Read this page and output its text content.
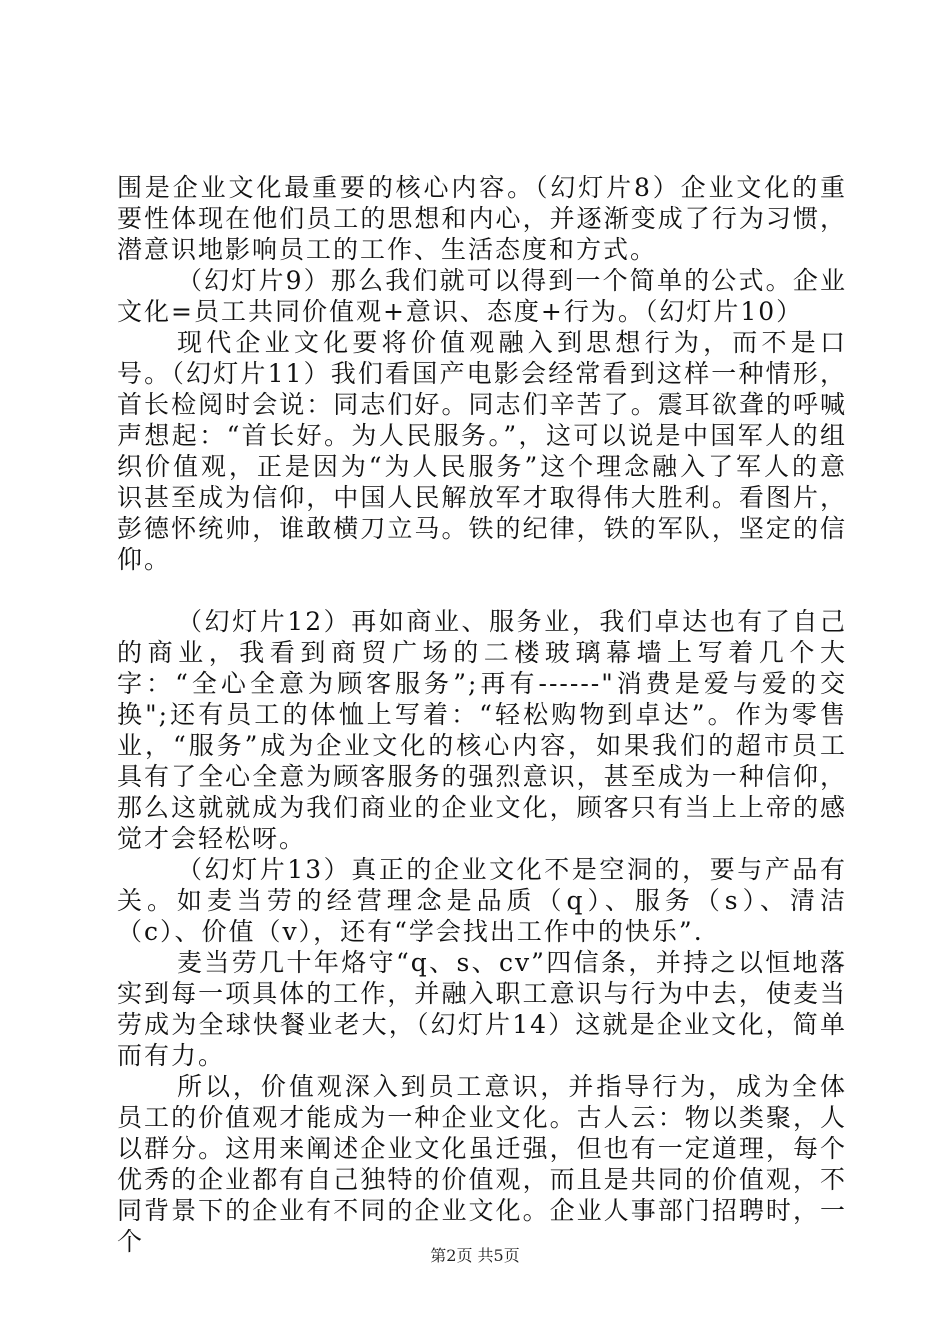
围是企业文化最重要的核心内容。（幻灯片8）企业文化的重要性体现在他们员工的思想和内心，并逐渐变成了行为习惯，潜意识地影响员工的工作、生活态度和方式。

（幻灯片9）那么我们就可以得到一个简单的公式。企业文化=员工共同价值观+意识、态度+行为。（幻灯片10）

现代企业文化要将价值观融入到思想行为，而不是口号。（幻灯片11）我们看国产电影会经常看到这样一种情形，首长检阅时会说：同志们好。同志们辛苦了。震耳欲聋的呼喊声想起：“首长好。为人民服务。”，这可以说是中国军人的组织价值观，正是因为“为人民服务”这个理念融入了军人的意识甚至成为信仰，中国人民解放军才取得伟大胜利。看图片，彭德怀统帅，谁敢横刀立马。铁的纪律，铁的军队，坚定的信仰。

（幻灯片12）再如商业、服务业，我们卓达也有了自己的商业，我看到商贸广场的二楼玻璃幕墙上写着几个大字：“全心全意为顾客服务”;再有------"消费是爱与爱的交换";还有员工的体恤上写着：“轻松购物到卓达”。作为零售业，“服务”成为企业文化的核心内容，如果我们的超市员工具有了全心全意为顾客服务的强烈意识，甚至成为一种信仰，那么这就就成为我们商业的企业文化，顾客只有当上上帝的感觉才会轻松呀。

（幻灯片13）真正的企业文化不是空洞的，要与产品有关。如麦当劳的经营理念是品质（q）、服务（s）、清洁（c）、价值（v），还有“学会找出工作中的快乐”.

麦当劳几十年烙守“q、s、cv”四信条，并持之以恒地落实到每一项具体的工作，并融入职工意识与行为中去，使麦当劳成为全球快餐业老大，（幻灯片14）这就是企业文化，简单而有力。

所以，价值观深入到员工意识，并指导行为，成为全体员工的价值观才能成为一种企业文化。古人云：物以类聚，人以群分。这用来阐述企业文化虽迁强，但也有一定道理，每个优秀的企业都有自己独特的价值观，而且是共同的价值观，不同背景下的企业有不同的企业文化。企业人事部门招聘时，一个	第2页 共5页
